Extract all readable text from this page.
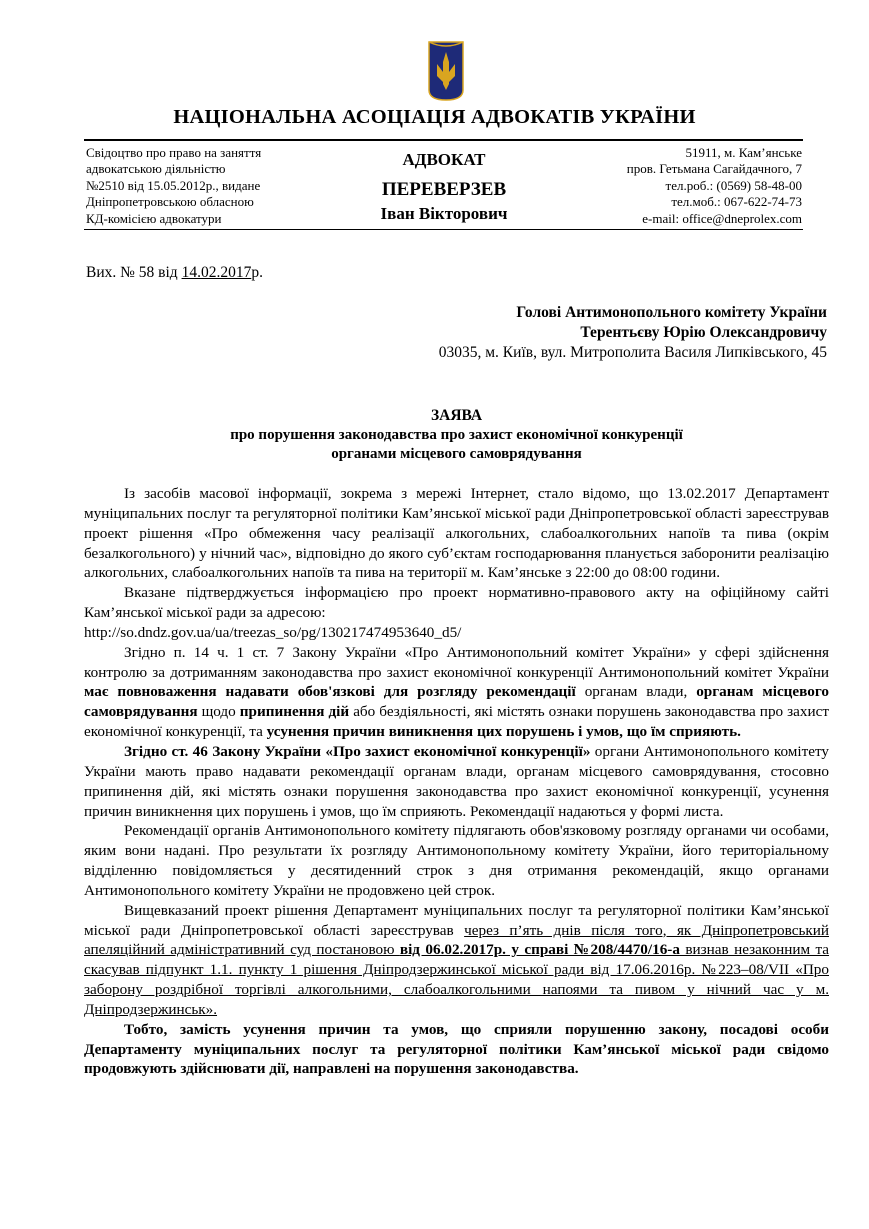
НАЦІОНАЛЬНА АСОЦІАЦІЯ АДВОКАТІВ УКРАЇНИ
Свідоцтво про право на заняття
адвокатською діяльністю
№2510 від 15.05.2012р., видане
Дніпропетровською обласною
КД-комісією адвокатури
АДВОКАТ
ПЕРЕВЕРЗЕВ
Іван Вікторович
51911, м. Кам’янське
пров. Гетьмана Сагайдачного, 7
тел.роб.: (0569) 58-48-00
тел.моб.: 067-622-74-73
e-mail: office@dneprolex.com
Вих. № 58 від 14.02.2017р.
Голові Антимонопольного комітету України
Терентьєву Юрію Олександровичу
03035, м. Київ, вул. Митрополита Василя Липківського, 45
ЗАЯВА
про порушення законодавства про захист економічної конкуренції
органами місцевого самоврядування

Із засобів масової інформації, зокрема з мережі Інтернет, стало відомо, що 13.02.2017 Департамент муніципальних послуг та регуляторної політики Кам’янської міської ради Дніпропетровської області зареєстрував проект рішення «Про обмеження часу реалізації алкогольних, слабоалкогольних напоїв та пива (окрім безалкогольного) у нічний час», відповідно до якого суб’єктам господарювання планується заборонити реалізацію алкогольних, слабоалкогольних напоїв та пива на території м. Кам’янське з 22:00 до 08:00 години.

Вказане підтверджується інформацією про проект нормативно-правового акту на офіційному сайті Кам’янської міської ради за адресою:

http://so.dndz.gov.ua/ua/treezas_so/pg/130217474953640_d5/

Згідно п. 14 ч. 1 ст. 7 Закону України «Про Антимонопольний комітет України» у сфері здійснення контролю за дотриманням законодавства про захист економічної конкуренції Антимонопольний комітет України має повноваження надавати обов'язкові для розгляду рекомендації органам влади, органам місцевого самоврядування щодо припинення дій або бездіяльності, які містять ознаки порушень законодавства про захист економічної конкуренції, та усунення причин виникнення цих порушень і умов, що їм сприяють.

Згідно ст. 46 Закону України «Про захист економічної конкуренції» органи Антимонопольного комітету України мають право надавати рекомендації органам влади, органам місцевого самоврядування, стосовно припинення дій, які містять ознаки порушення законодавства про захист економічної конкуренції, усунення причин виникнення цих порушень і умов, що їм сприяють. Рекомендації надаються у формі листа.

Рекомендації органів Антимонопольного комітету підлягають обов'язковому розгляду органами чи особами, яким вони надані. Про результати їх розгляду Антимонопольному комітету України, його територіальному відділенню повідомляється у десятиденний строк з дня отримання рекомендацій, якщо органами Антимонопольного комітету України не продовжено цей строк.

Вищевказаний проект рішення Департамент муніципальних послуг та регуляторної політики Кам’янської міської ради Дніпропетровської області зареєстрував через п’ять днів після того, як Дніпропетровський апеляційний адміністративний суд постановою від 06.02.2017р. у справі №208/4470/16-а визнав незаконним та скасував підпункт 1.1. пункту 1 рішення Дніпродзержинської міської ради від 17.06.2016р. №223–08/VII «Про заборону роздрібної торгівлі алкогольними, слабоалкогольними напоями та пивом у нічний час у м. Дніпродзержинськ».

Тобто, замість усунення причин та умов, що сприяли порушенню закону, посадові особи Департаменту муніципальних послуг та регуляторної політики Кам’янської міської ради свідомо продовжують здійснювати дії, направлені на порушення законодавства.
